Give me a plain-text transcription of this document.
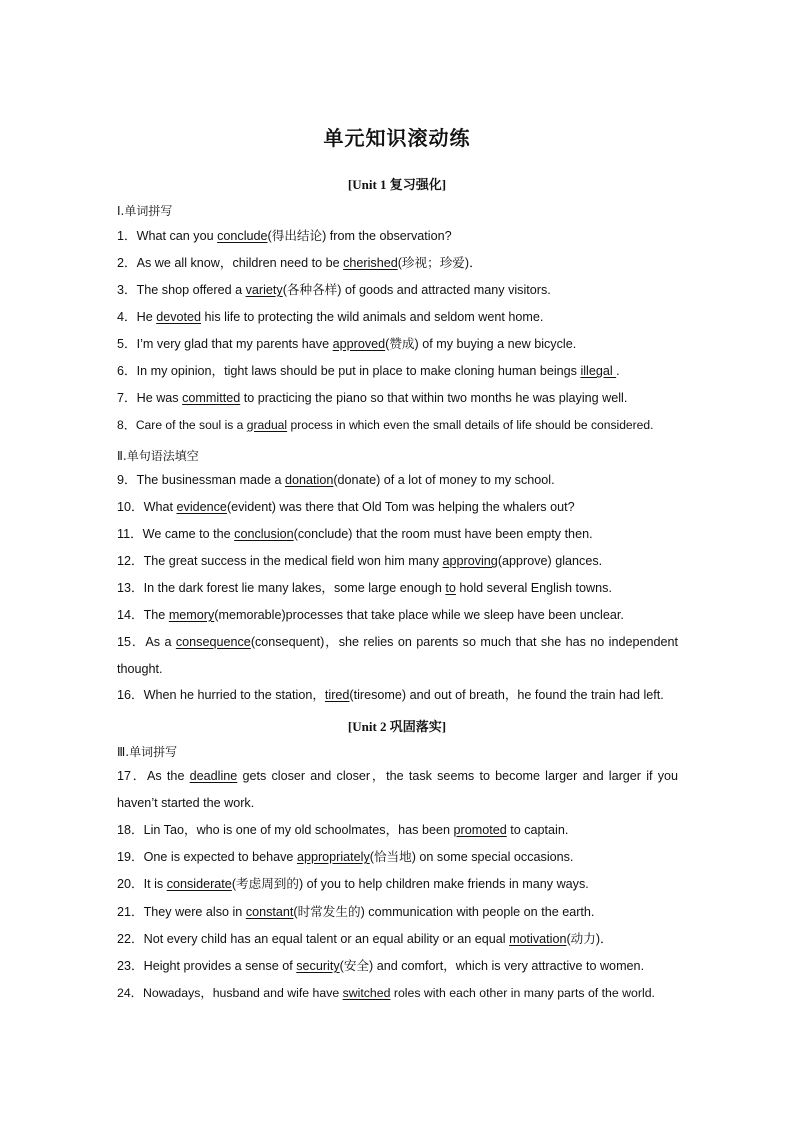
单元知识滚动练
[Unit 1 复习强化]
Ⅰ.单词拼写
1．What can you conclude(得出结论) from the observation?
2．As we all know，children need to be cherished(珍视；珍爱)．
3．The shop offered a variety(各种各样) of goods and attracted many visitors.
4．He devoted his life to protecting the wild animals and seldom went home.
5．I’m very glad that my parents have approved(赞成) of my buying a new bicycle.
6．In my opinion，tight laws should be put in place to make cloning human beings illegal .
7．He was committed to practicing the piano so that within two months he was playing well.
8．Care of the soul is a gradual process in which even the small details of life should be considered.
Ⅱ.单句语法填空
9．The businessman made a donation(donate) of a lot of money to my school.
10．What evidence(evident) was there that Old Tom was helping the whalers out?
11．We came to the conclusion(conclude) that the room must have been empty then.
12．The great success in the medical field won him many approving(approve) glances.
13．In the dark forest lie many lakes，some large enough to hold several English towns.
14．The memory(memorable)processes that take place while we sleep have been unclear.
15．As a consequence(consequent)，she relies on parents so much that she has no independent
thought.
16．When he hurried to the station，tired(tiresome) and out of breath，he found the train had left.
[Unit 2 巩固落实]
Ⅲ.单词拼写
17．As the deadline gets closer and closer，the task seems to become larger and larger if you
haven’t started the work.
18．Lin Tao，who is one of my old schoolmates，has been promoted to captain.
19．One is expected to behave appropriately(恰当地) on some special occasions.
20．It is considerate(考虑周到的) of you to help children make friends in many ways.
21．They were also in constant(时常发生的) communication with people on the earth.
22．Not every child has an equal talent or an equal ability or an equal motivation(动力)．
23．Height provides a sense of security(安全) and comfort，which is very attractive to women.
24．Nowadays，husband and wife have switched roles with each other in many parts of the world.
